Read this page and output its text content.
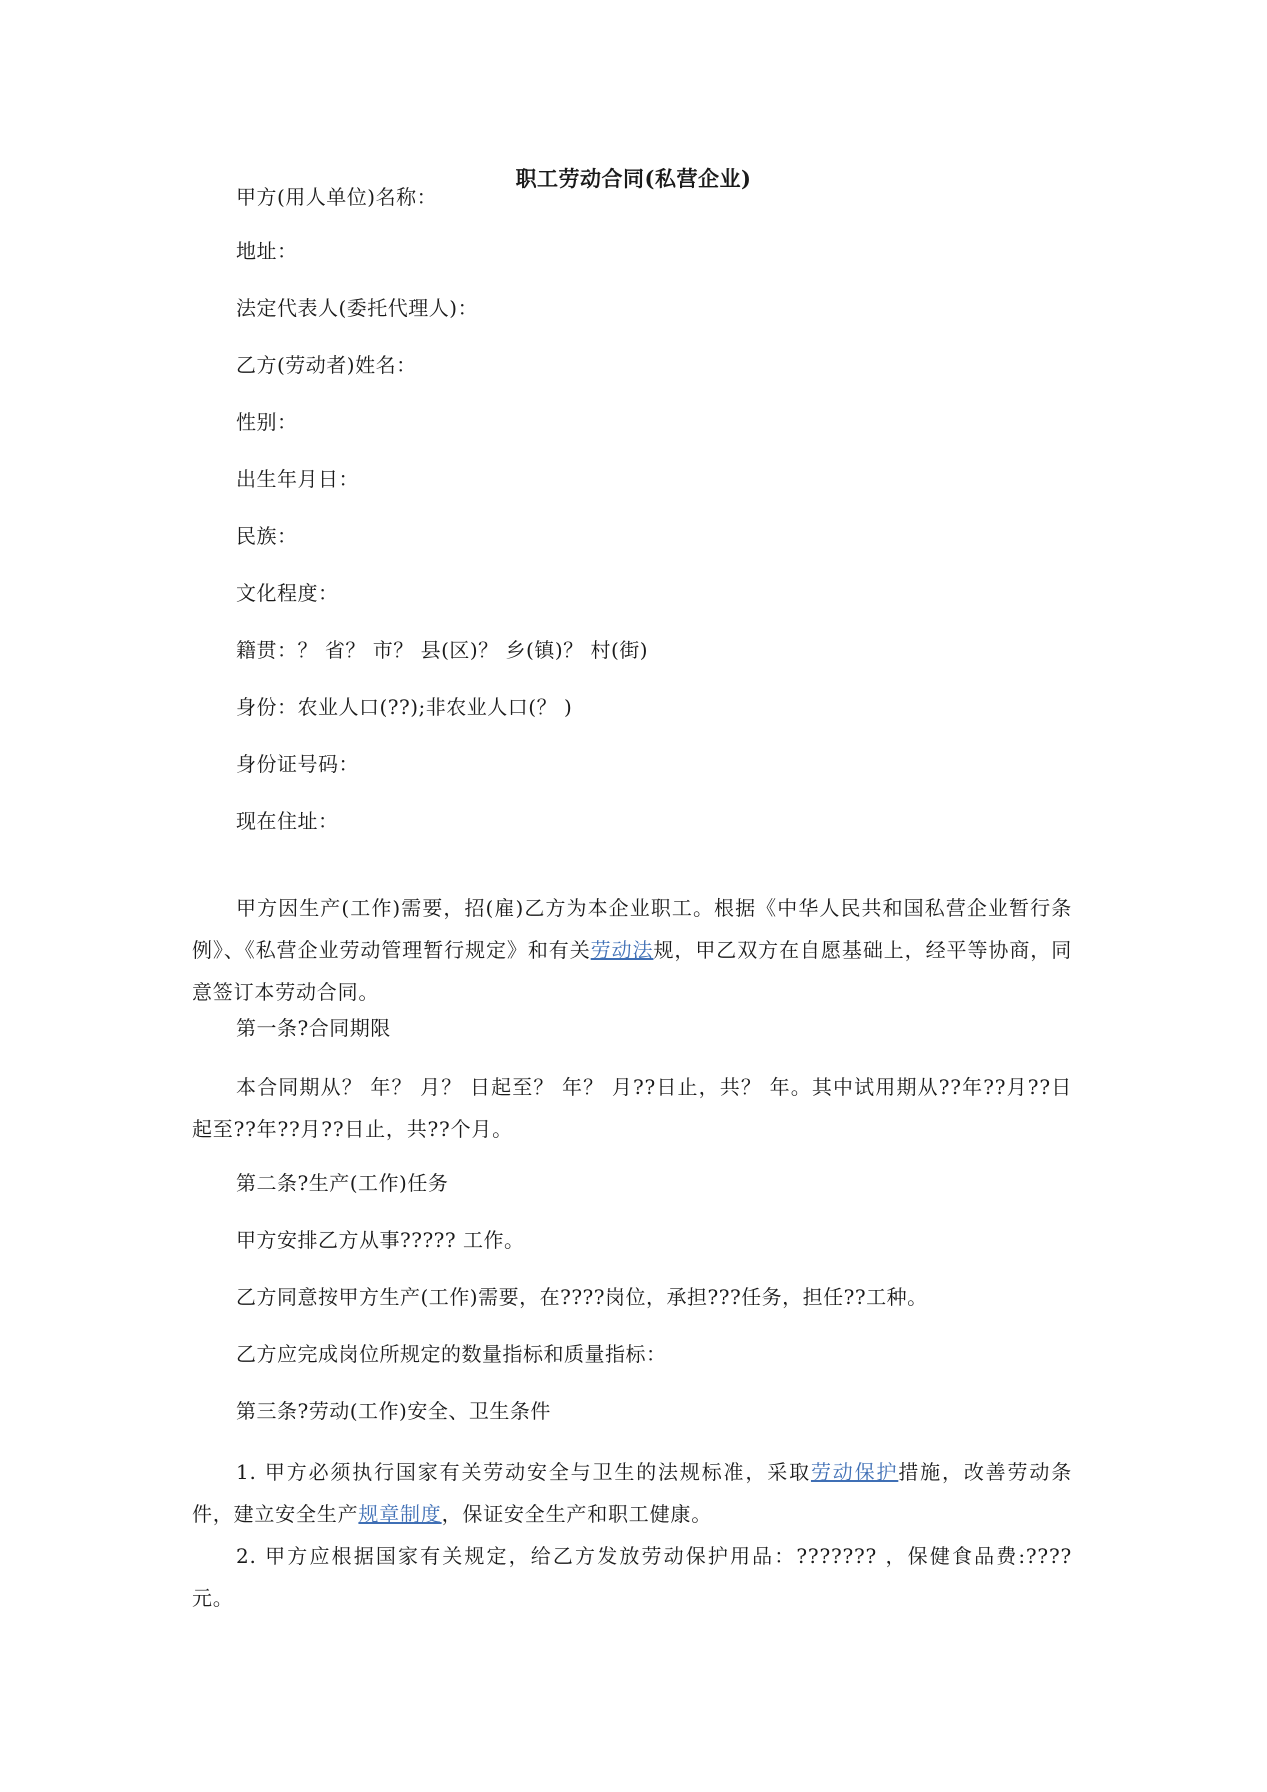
职工劳动合同(私营企业)
甲方(用人单位)名称：
地址：
法定代表人(委托代理人)：
乙方(劳动者)姓名：
性别：
出生年月日：
民族：
文化程度：
籍贯：？ 省？ 市？ 县(区)？ 乡(镇)？ 村(街)
身份：农业人口(??);非农业人口(？ )
身份证号码：
现在住址：
甲方因生产(工作)需要，招(雇)乙方为本企业职工。根据《中华人民共和国私营企业暂行条例》、《私营企业劳动管理暂行规定》和有关劳动法规，甲乙双方在自愿基础上，经平等协商，同意签订本劳动合同。
第一条?合同期限
本合同期从？ 年？ 月？ 日起至？ 年？ 月??日止，共？ 年。其中试用期从??年??月??日起至??年??月??日止，共??个月。
第二条?生产(工作)任务
甲方安排乙方从事????? 工作。
乙方同意按甲方生产(工作)需要，在????岗位，承担???任务，担任??工种。
乙方应完成岗位所规定的数量指标和质量指标：
第三条?劳动(工作)安全、卫生条件
1. 甲方必须执行国家有关劳动安全与卫生的法规标准，采取劳动保护措施，改善劳动条件，建立安全生产规章制度，保证安全生产和职工健康。
2. 甲方应根据国家有关规定，给乙方发放劳动保护用品：??????? ，保健食品费:???? 元。
